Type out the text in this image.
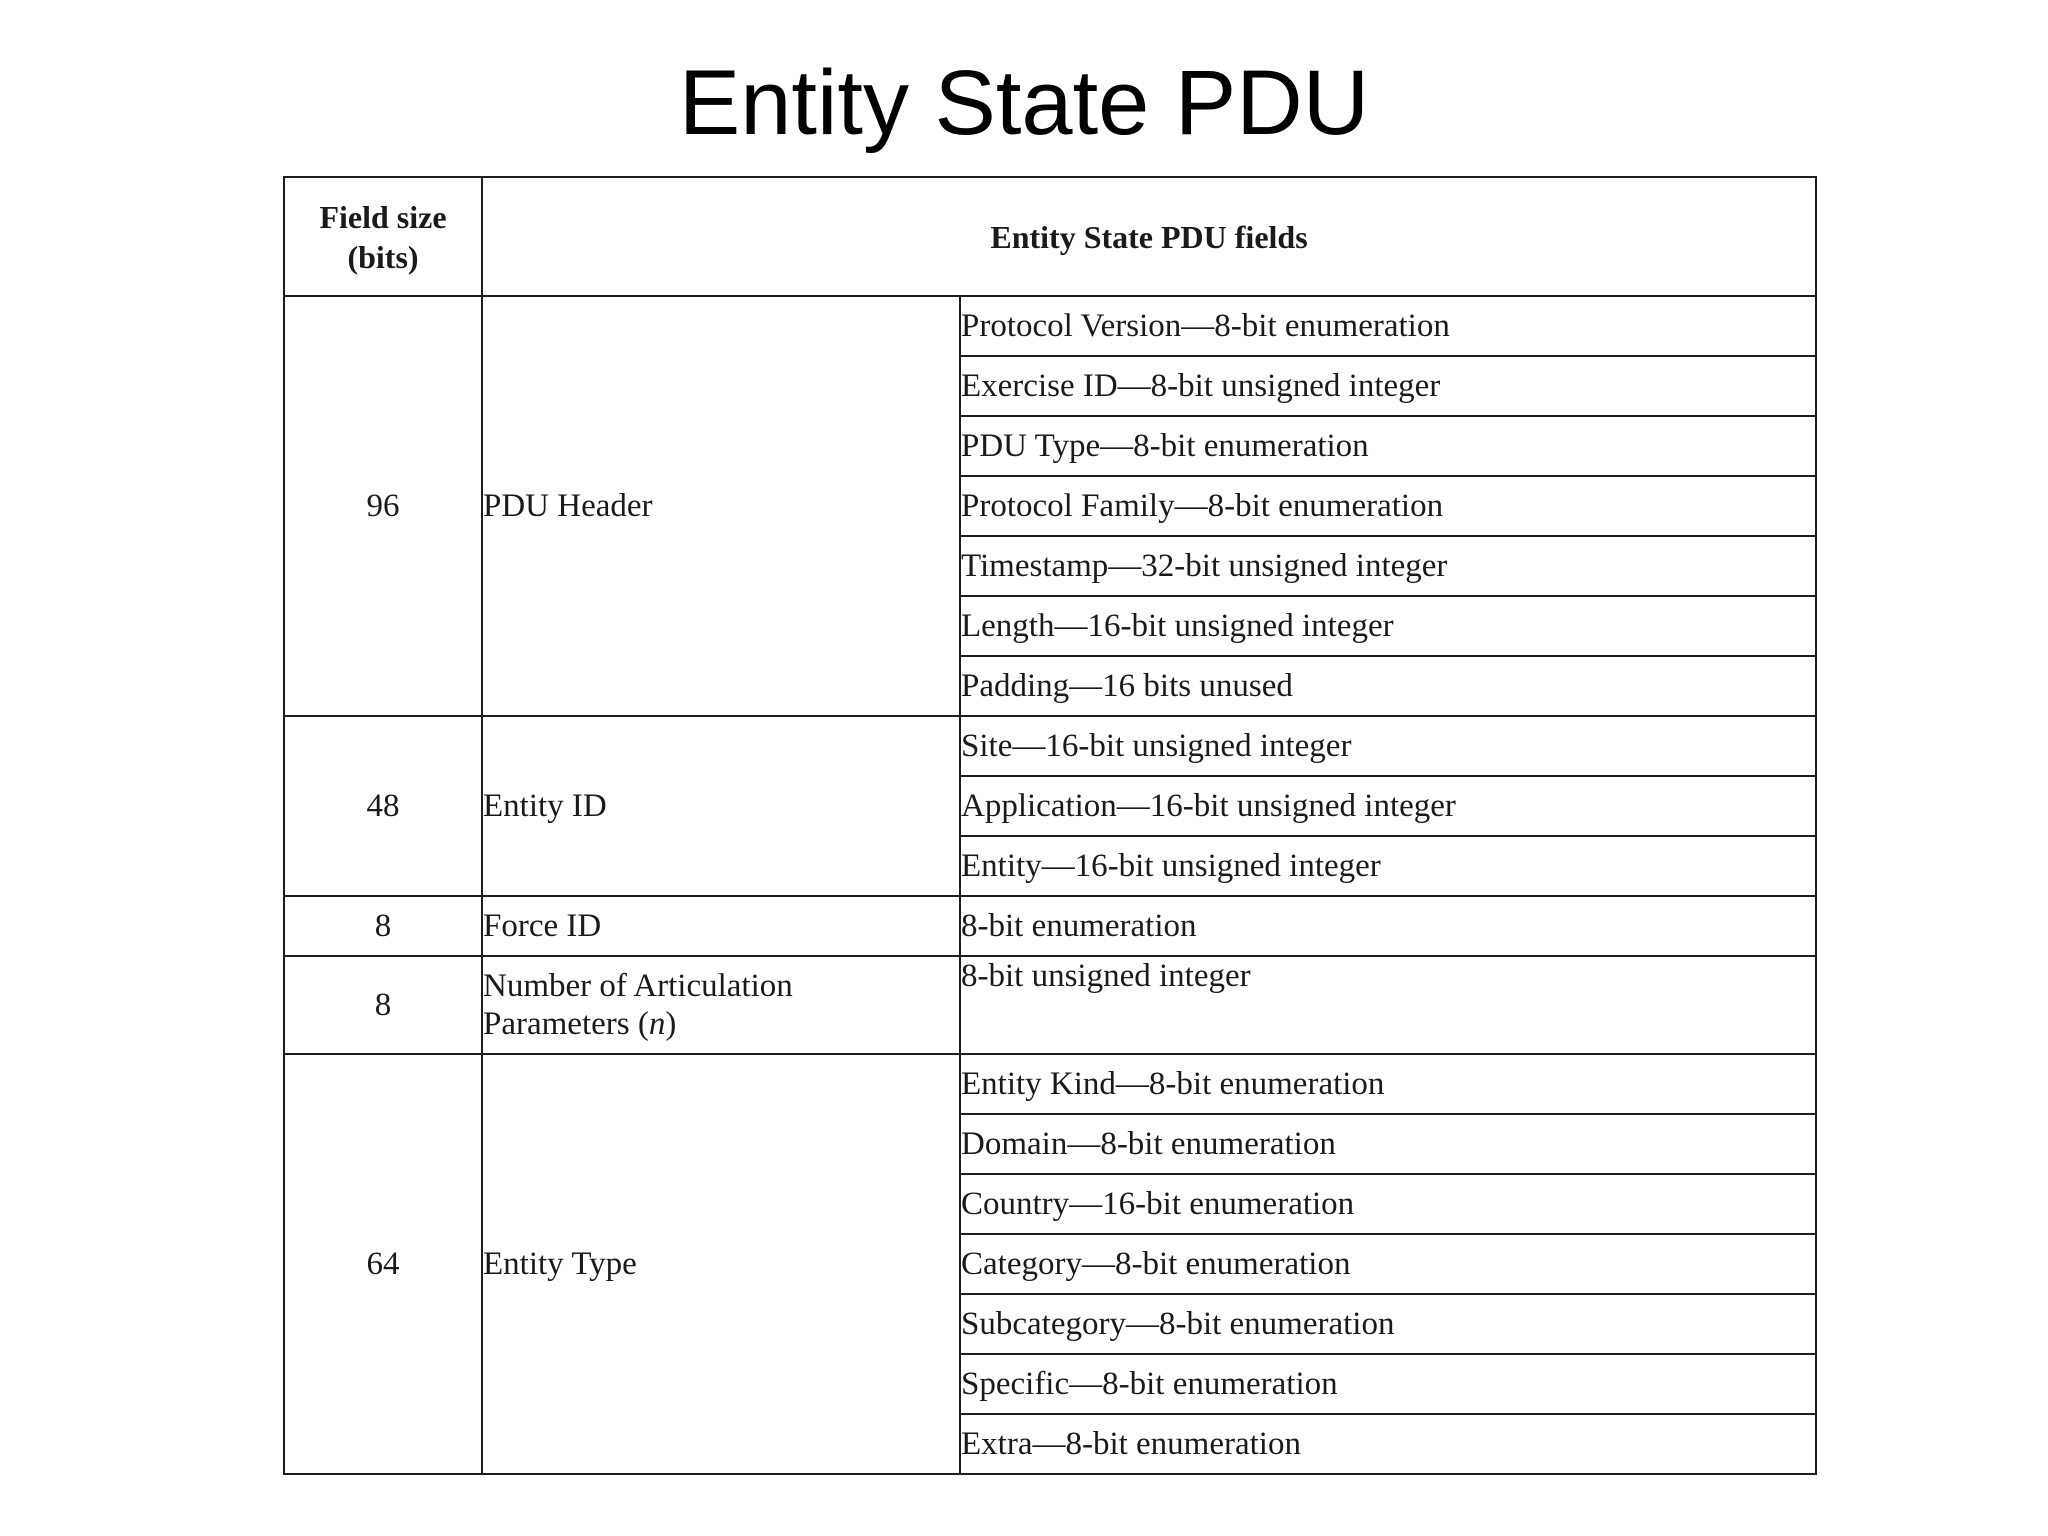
Entity State PDU
Field size
(bits)	Entity State PDU fields	
96	PDU Header	Protocol Version—8-bit enumeration
		Exercise ID—8-bit unsigned integer
		PDU Type—8-bit enumeration
		Protocol Family—8-bit enumeration
		Timestamp—32-bit unsigned integer
		Length—16-bit unsigned integer
		Padding—16 bits unused
48	Entity ID	Site—16-bit unsigned integer
		Application—16-bit unsigned integer
		Entity—16-bit unsigned integer
8	Force ID	8-bit enumeration
8	Number of Articulation
Parameters (n)	8-bit unsigned integer
64	Entity Type	Entity Kind—8-bit enumeration
		Domain—8-bit enumeration
		Country—16-bit enumeration
		Category—8-bit enumeration
		Subcategory—8-bit enumeration
		Specific—8-bit enumeration
		Extra—8-bit enumeration
